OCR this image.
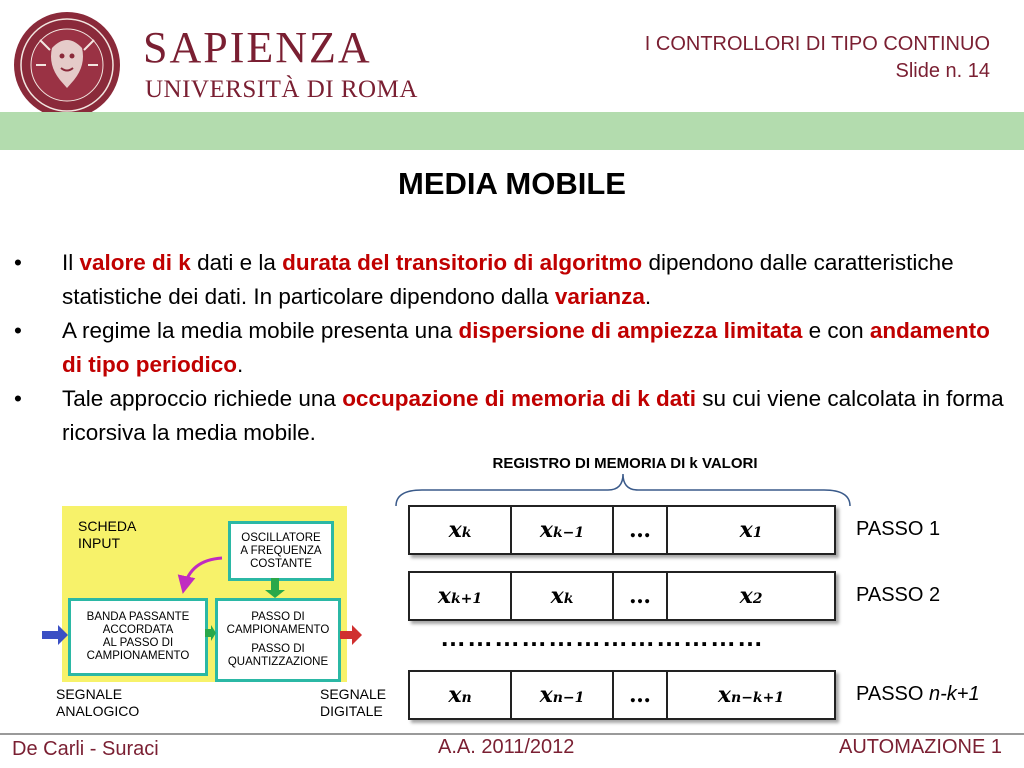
SAPIENZA
UNIVERSITÀ DI ROMA
I CONTROLLORI DI TIPO CONTINUO
Slide n. 14
MEDIA MOBILE
• Il valore di k dati e la durata del transitorio di algoritmo dipendono dalle caratteristiche statistiche dei dati. In particolare dipendono dalla varianza.
• A regime la media mobile presenta una dispersione di ampiezza limitata e con andamento di tipo periodico.
• Tale approccio richiede una occupazione di memoria di k dati su cui viene calcolata in forma ricorsiva la media mobile.
REGISTRO DI MEMORIA DI k VALORI
$x_k$	$x_{k-1}$ …	$x_1$
$x_{k+1}$	$x_k$	…	$x_2$
………………………………
$x_n$	$x_{n-1}$ …	$x_{n-k+1}$
PASSO 1
PASSO 2
PASSO n-k+1
SCHEDA
INPUT	OSCILLATORE
A FREQUENZA
COSTANTE
BANDA PASSANTE
ACCORDATA
AL PASSO DI
CAMPIONAMENTO
PASSO DI
CAMPIONAMENTO
PASSO DI
QUANTIZZAZIONE
SEGNALE
ANALOGICO
SEGNALE
DIGITALE
De Carli - Suraci	A.A. 2011/2012	AUTOMAZIONE 1
